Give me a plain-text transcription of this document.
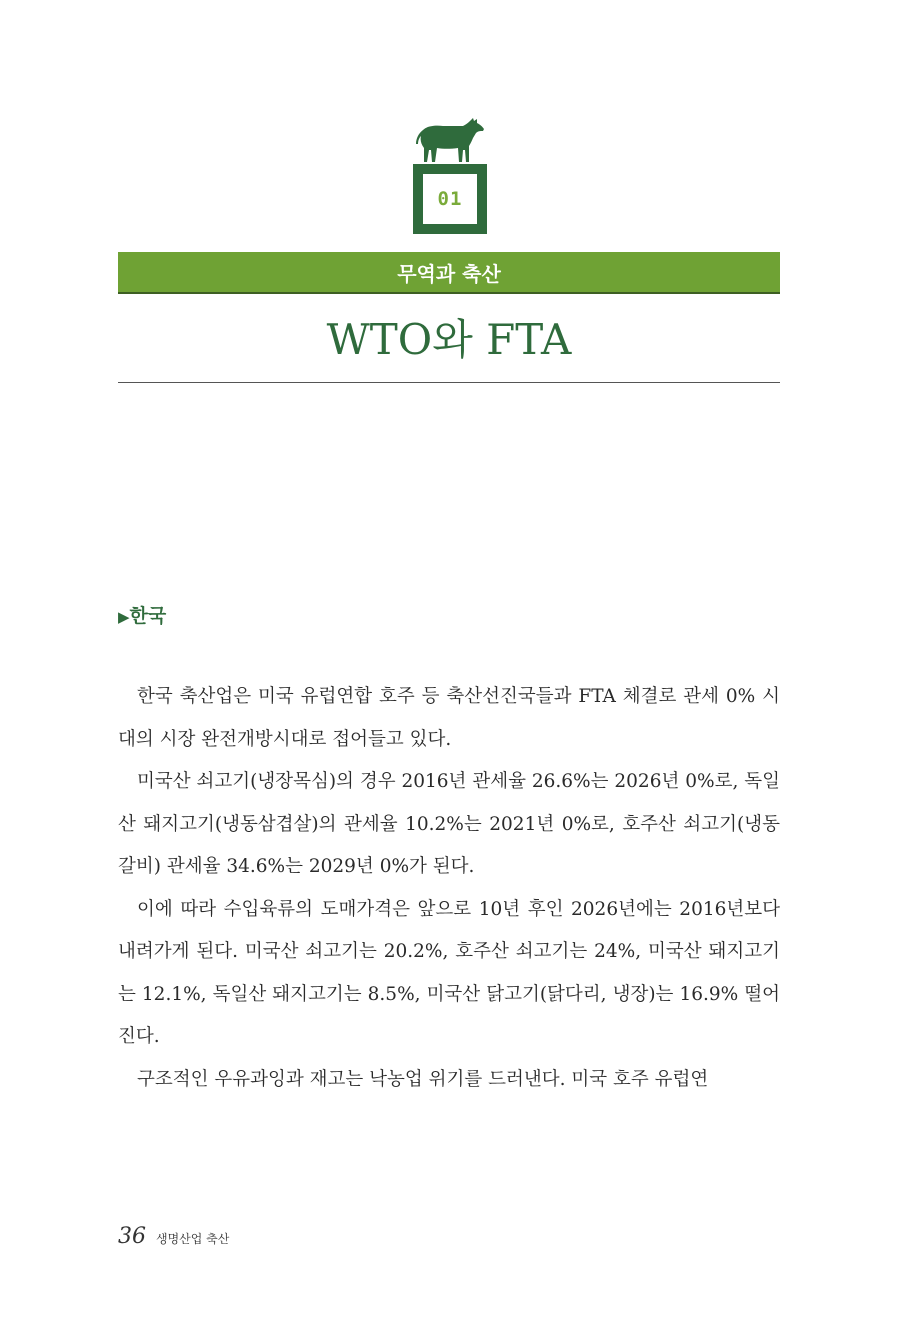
01
무역과 축산
WTO와 FTA
▶한국

한국 축산업은 미국 유럽연합 호주 등 축산선진국들과 FTA 체결로 관세 0% 시대의 시장 완전개방시대로 접어들고 있다.

미국산 쇠고기(냉장목심)의 경우 2016년 관세율 26.6%는 2026년 0%로, 독일산 돼지고기(냉동삼겹살)의 관세율 10.2%는 2021년 0%로, 호주산 쇠고기(냉동갈비) 관세율 34.6%는 2029년 0%가 된다.

이에 따라 수입육류의 도매가격은 앞으로 10년 후인 2026년에는 2016년보다 내려가게 된다. 미국산 쇠고기는 20.2%, 호주산 쇠고기는 24%, 미국산 돼지고기는 12.1%, 독일산 돼지고기는 8.5%, 미국산 닭고기(닭다리, 냉장)는 16.9% 떨어진다.

구조적인 우유과잉과 재고는 낙농업 위기를 드러낸다. 미국 호주 유럽연

36 생명산업 축산
